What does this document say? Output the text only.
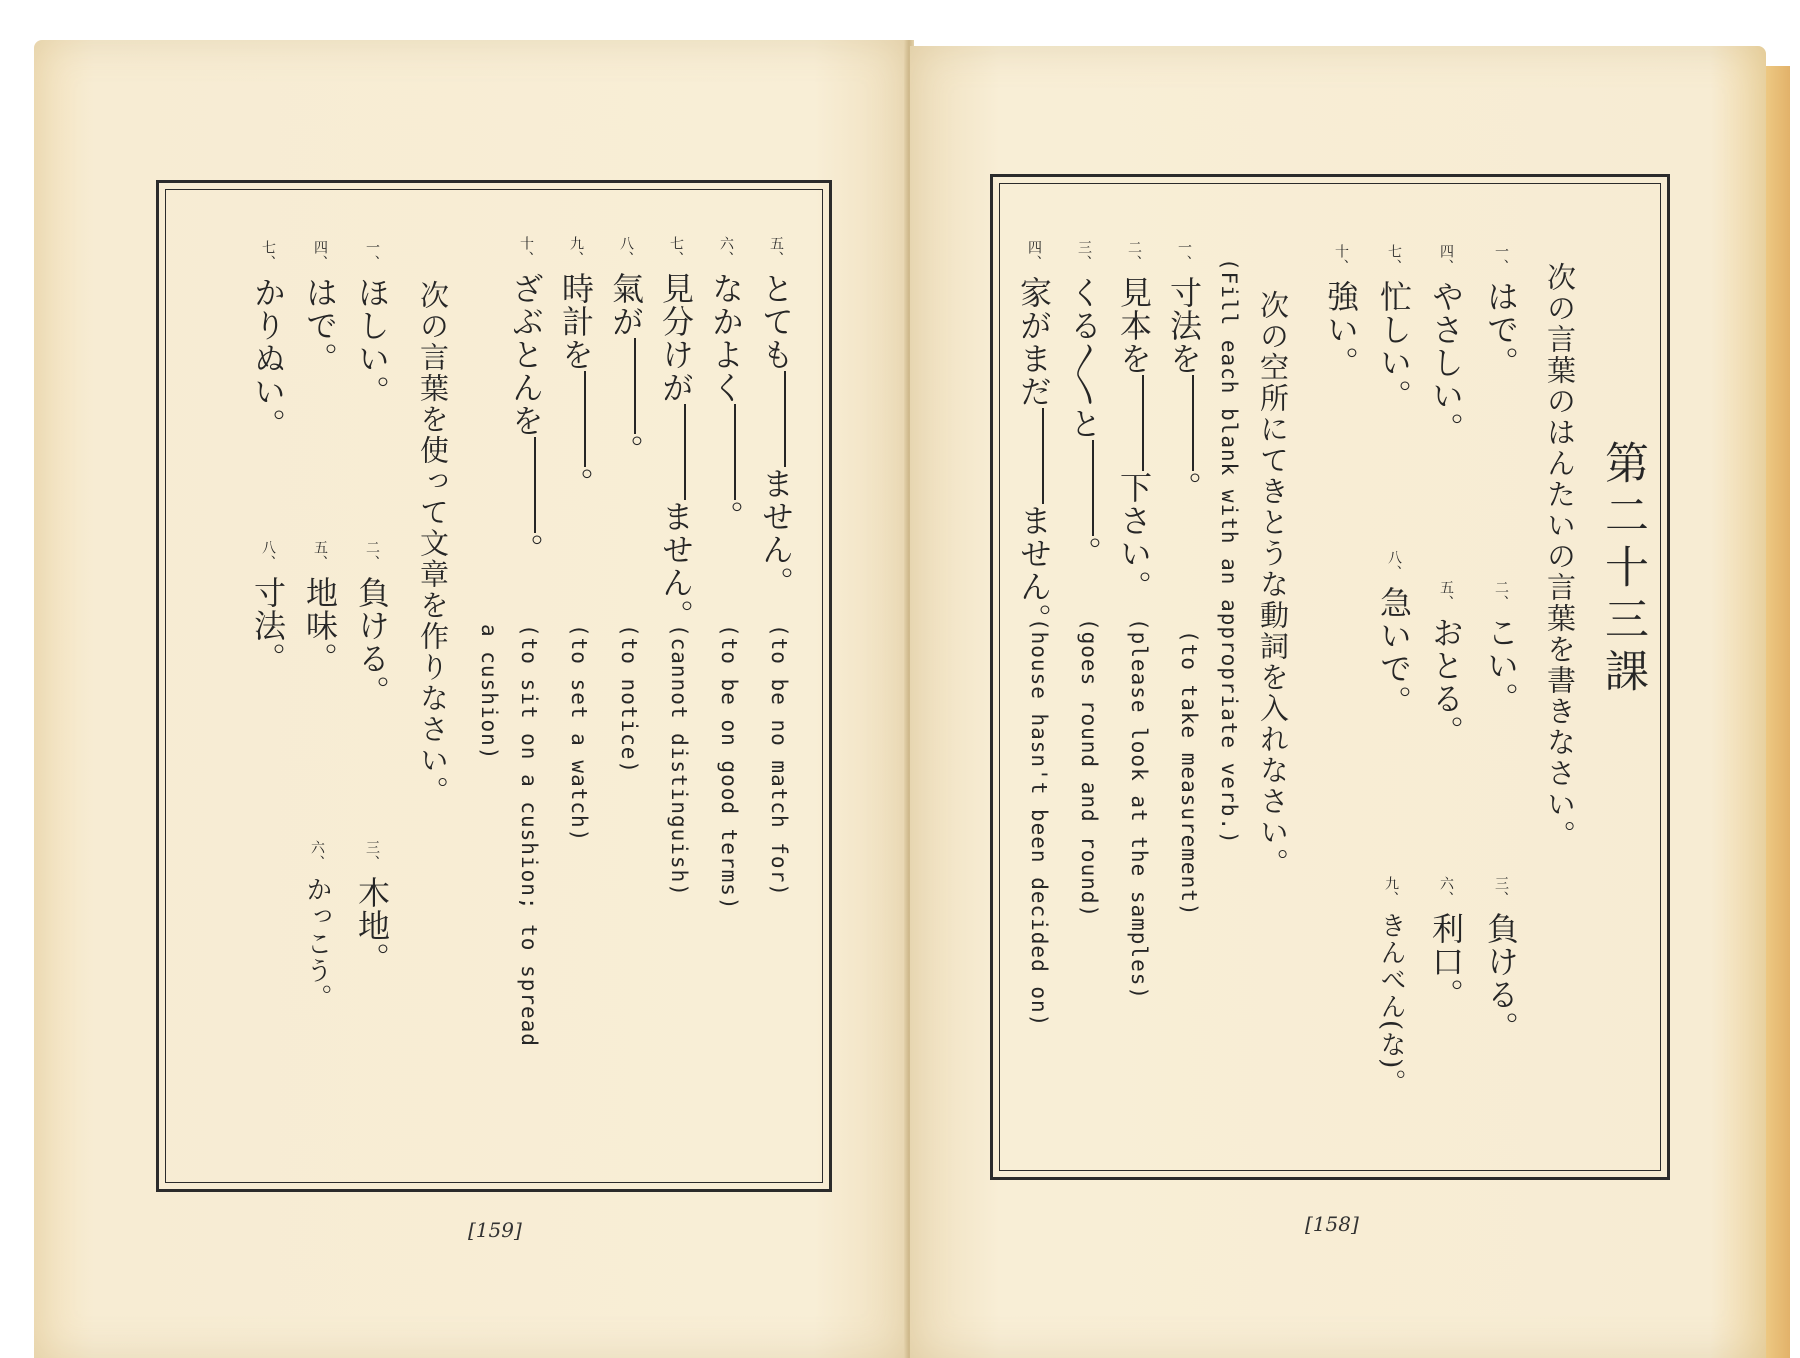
第二十三課
次の言葉のはんたいの言葉を書きなさい。
一、はで。
二、こい。
三、負ける。
四、やさしい。
五、おとる。
六、利口。
七、忙しい。
八、急いで。
九、きんべん(な)。
十、強い。
次の空所にてきとうな動詞を入れなさい。
(Fill each blank with an appropriate verb.)
一、寸法を。
(to take measurement)
二、見本を下さい。
(please look at the samples)
三、くる〳〵と。
(goes round and round)
四、家がまだません。
(house hasn't been decided on)
[158]
五、とてもません。
(to be no match for)
六、なかよく。
(to be on good terms)
七、見分けがません。
(cannot distinguish)
八、氣が。
(to notice)
九、時計を。
(to set a watch)
十、ざぶとんを。
(to sit on a cushion; to spread
a cushion)
次の言葉を使って文章を作りなさい。
一、ほしい。
二、負ける。
三、木地。
四、はで。
五、地味。
六、かっこう。
七、かりぬい。
八、寸法。
[159]
